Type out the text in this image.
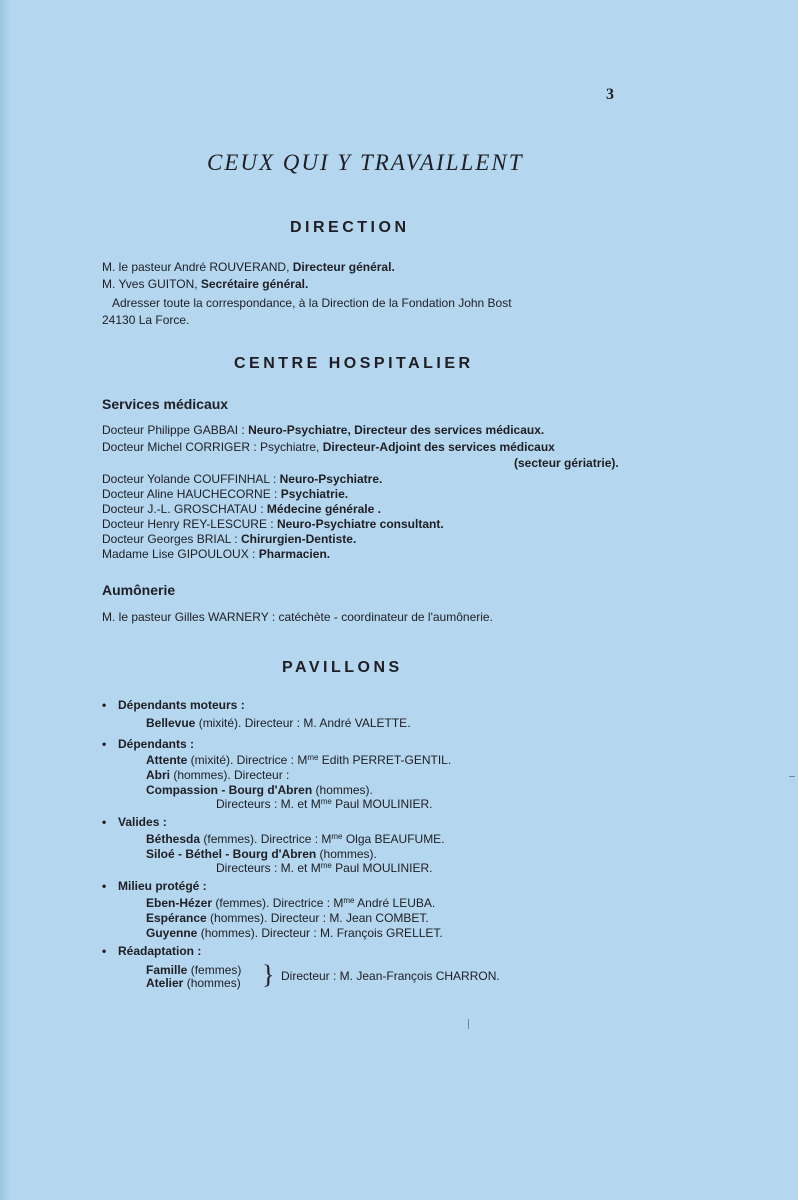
3
CEUX QUI Y TRAVAILLENT
DIRECTION
M. le pasteur André ROUVERAND, Directeur général.
M. Yves GUITON, Secrétaire général.
Adresser toute la correspondance, à la Direction de la Fondation John Bost
24130 La Force.
CENTRE HOSPITALIER
Services médicaux
Docteur Philippe GABBAI : Neuro-Psychiatre, Directeur des services médicaux.
Docteur Michel CORRIGER : Psychiatre, Directeur-Adjoint des services médicaux
(secteur gériatrie).
Docteur Yolande COUFFINHAL : Neuro-Psychiatre.
Docteur Aline HAUCHECORNE : Psychiatrie.
Docteur J.-L. GROSCHATAU : Médecine générale .
Docteur Henry REY-LESCURE : Neuro-Psychiatre consultant.
Docteur Georges BRIAL : Chirurgien-Dentiste.
Madame Lise GIPOULOUX : Pharmacien.
Aumônerie
M. le pasteur Gilles WARNERY : catéchète - coordinateur de l'aumônerie.
PAVILLONS
• Dépendants moteurs :
Bellevue (mixité). Directeur : M. André VALETTE.
• Dépendants :
Attente (mixité). Directrice : $M^{me}$ Edith PERRET-GENTIL.
Abri (hommes). Directeur :
Compassion - Bourg d'Abren (hommes).
Directeurs : M. et $M^{me}$ Paul MOULINIER.
• Valides :
Béthesda (femmes). Directrice : $M^{me}$ Olga BEAUFUME.
Siloé - Béthel - Bourg d'Abren (hommes).
Directeurs : M. et $M^{me}$ Paul MOULINIER.
• Milieu protégé :
Eben-Hézer (femmes). Directrice : $M^{me}$ André LEUBA.
Espérance (hommes). Directeur : M. Jean COMBET.
Guyenne (hommes). Directeur : M. François GRELLET.
• Réadaptation :
Famille (femmes)
Atelier (hommes) } Directeur : M. Jean-François CHARRON.
